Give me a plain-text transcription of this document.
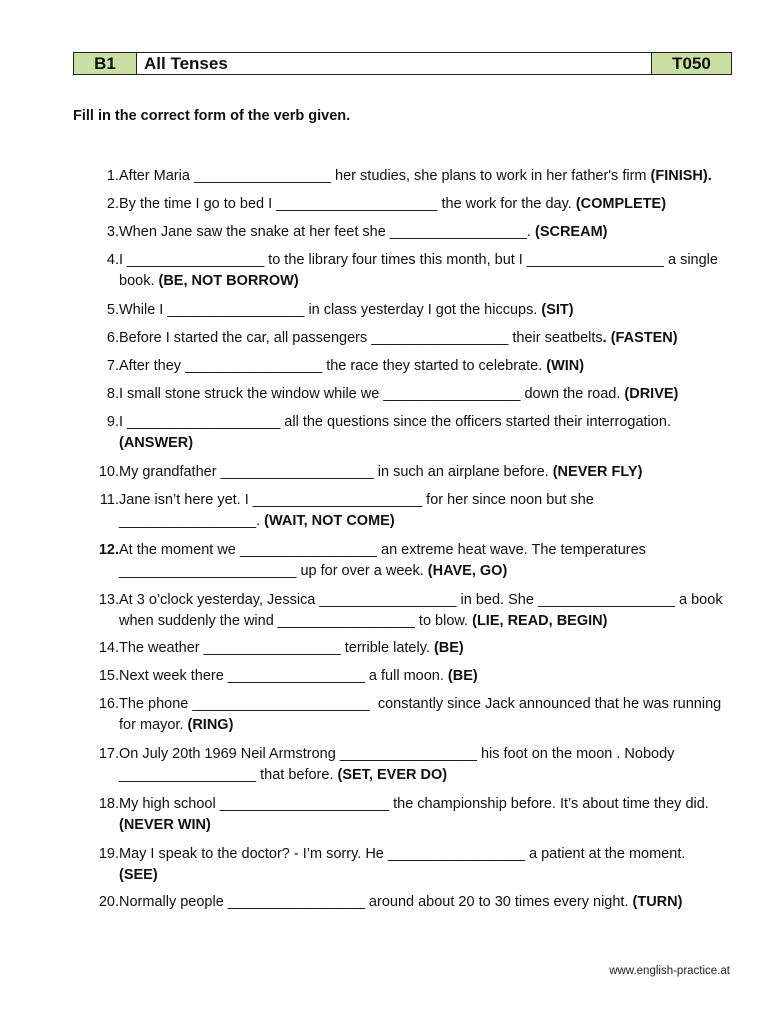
B1	All Tenses	T050
Fill in the correct form of the verb given.
1. After Maria _________________ her studies, she plans to work in her father's firm (FINISH).
2. By the time I go to bed I ____________________ the work for the day. (COMPLETE)
3. When Jane saw the snake at her feet she _________________. (SCREAM)
4. I _________________ to the library four times this month, but I _________________ a single book. (BE, NOT BORROW)
5. While I _________________ in class yesterday I got the hiccups. (SIT)
6. Before I started the car, all passengers _________________ their seatbelts. (FASTEN)
7. After they _________________ the race they started to celebrate. (WIN)
8. I small stone struck the window while we _________________ down the road. (DRIVE)
9. I ___________________ all the questions since the officers started their interrogation. (ANSWER)
10. My grandfather ___________________ in such an airplane before. (NEVER FLY)
11. Jane isn’t here yet. I _____________________ for her since noon but she _________________. (WAIT, NOT COME)
12. At the moment we _________________ an extreme heat wave. The temperatures ______________________ up for over a week. (HAVE, GO)
13. At 3 o’clock yesterday, Jessica _________________ in bed. She _________________ a book when suddenly the wind _________________ to blow. (LIE, READ, BEGIN)
14. The weather _________________ terrible lately. (BE)
15. Next week there _________________ a full moon. (BE)
16. The phone ______________________  constantly since Jack announced that he was running for mayor. (RING)
17. On July 20th 1969 Neil Armstrong _________________ his foot on the moon . Nobody _________________ that before. (SET, EVER DO)
18. My high school _____________________ the championship before. It’s about time they did. (NEVER WIN)
19. May I speak to the doctor? - I’m sorry. He _________________ a patient at the moment. (SEE)
20. Normally people _________________ around about 20 to 30 times every night. (TURN)
www.english-practice.at
